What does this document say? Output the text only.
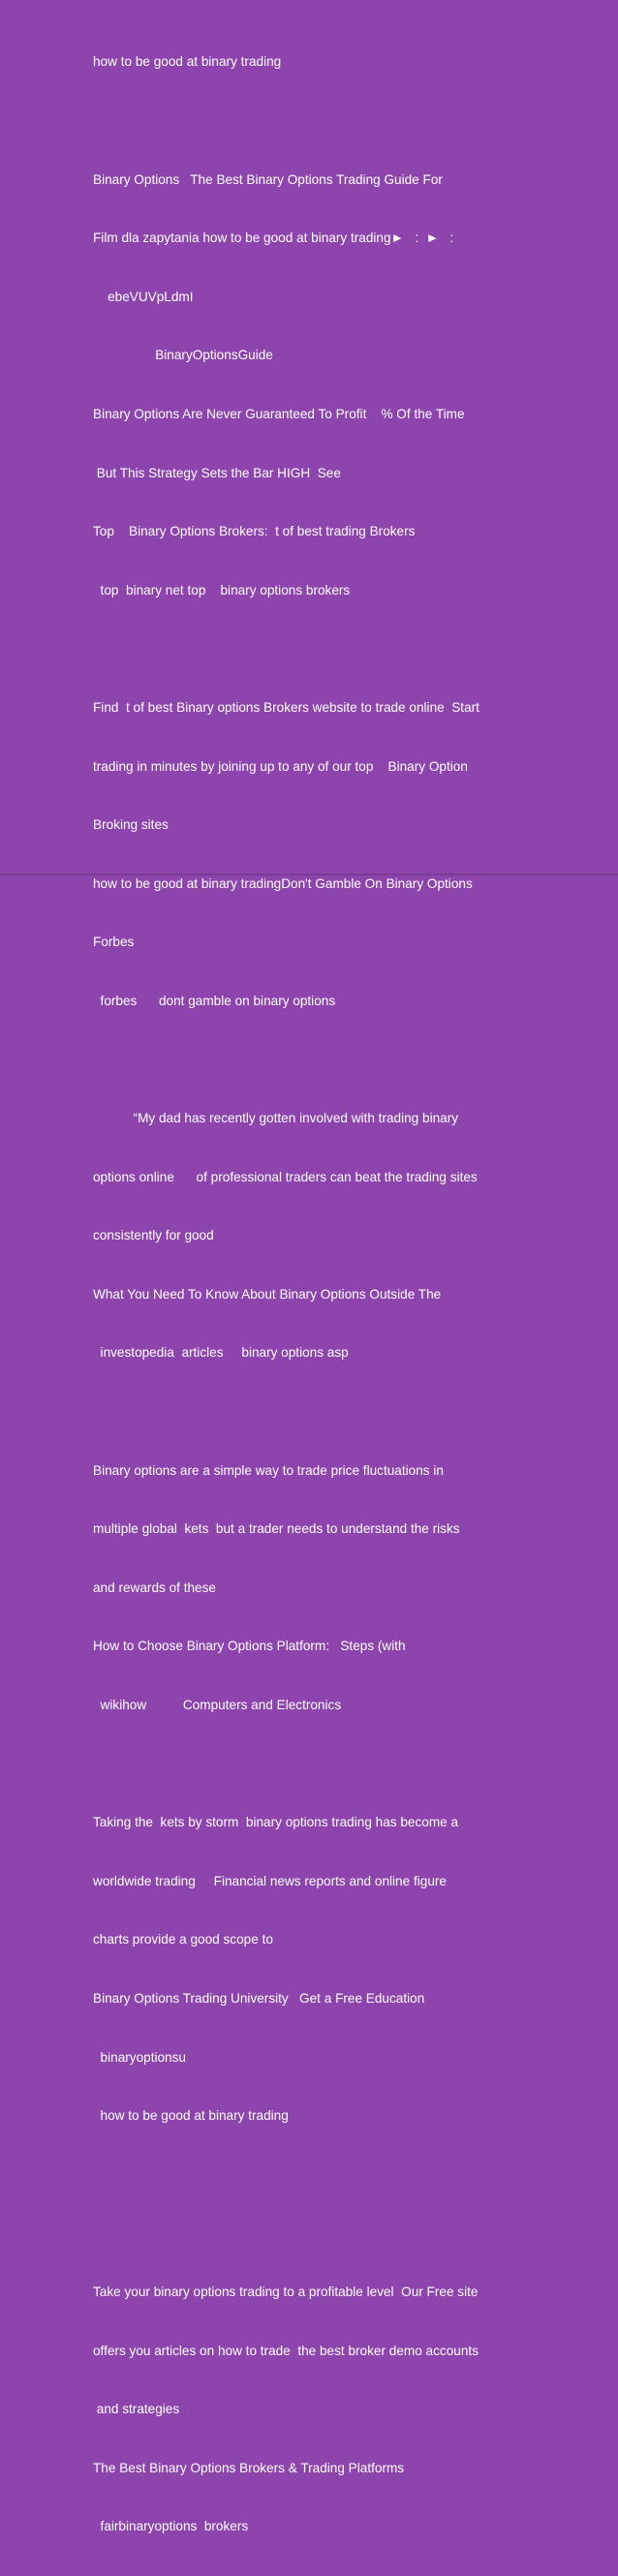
how to be good at binary trading

Binary Options   The Best Binary Options Trading Guide For

Film dla zapytania how to be good at binary trading►   :  ►   :

ebeVUVpLdmI

BinaryOptionsGuide

Binary Options Are Never Guaranteed To Profit    % Of the Time

But This Strategy Sets the Bar HIGH  See

Top    Binary Options Brokers:  t of best trading Brokers

top  binary net top    binary options brokers

Find  t of best Binary options Brokers website to trade online  Start

trading in minutes by joining up to any of our top    Binary Option

Broking sites

how to be good at binary tradingDon't Gamble On Binary Options

Forbes

forbes      dont gamble on binary options

“My dad has recently gotten involved with trading binary

options online      of professional traders can beat the trading sites

consistently for good

What You Need To Know About Binary Options Outside The

investopedia  articles     binary options asp

Binary options are a simple way to trade price fluctuations in

multiple global  kets  but a trader needs to understand the risks

and rewards of these

How to Choose Binary Options Platform:   Steps (with

wikihow          Computers and Electronics

Taking the  kets by storm  binary options trading has become a

worldwide trading     Financial news reports and online figure

charts provide a good scope to

Binary Options Trading University   Get a Free Education

binaryoptionsu

how to be good at binary trading

Take your binary options trading to a profitable level  Our Free site

offers you articles on how to trade  the best broker demo accounts

and strategies

The Best Binary Options Brokers & Trading Platforms

fairbinaryoptions  brokers
